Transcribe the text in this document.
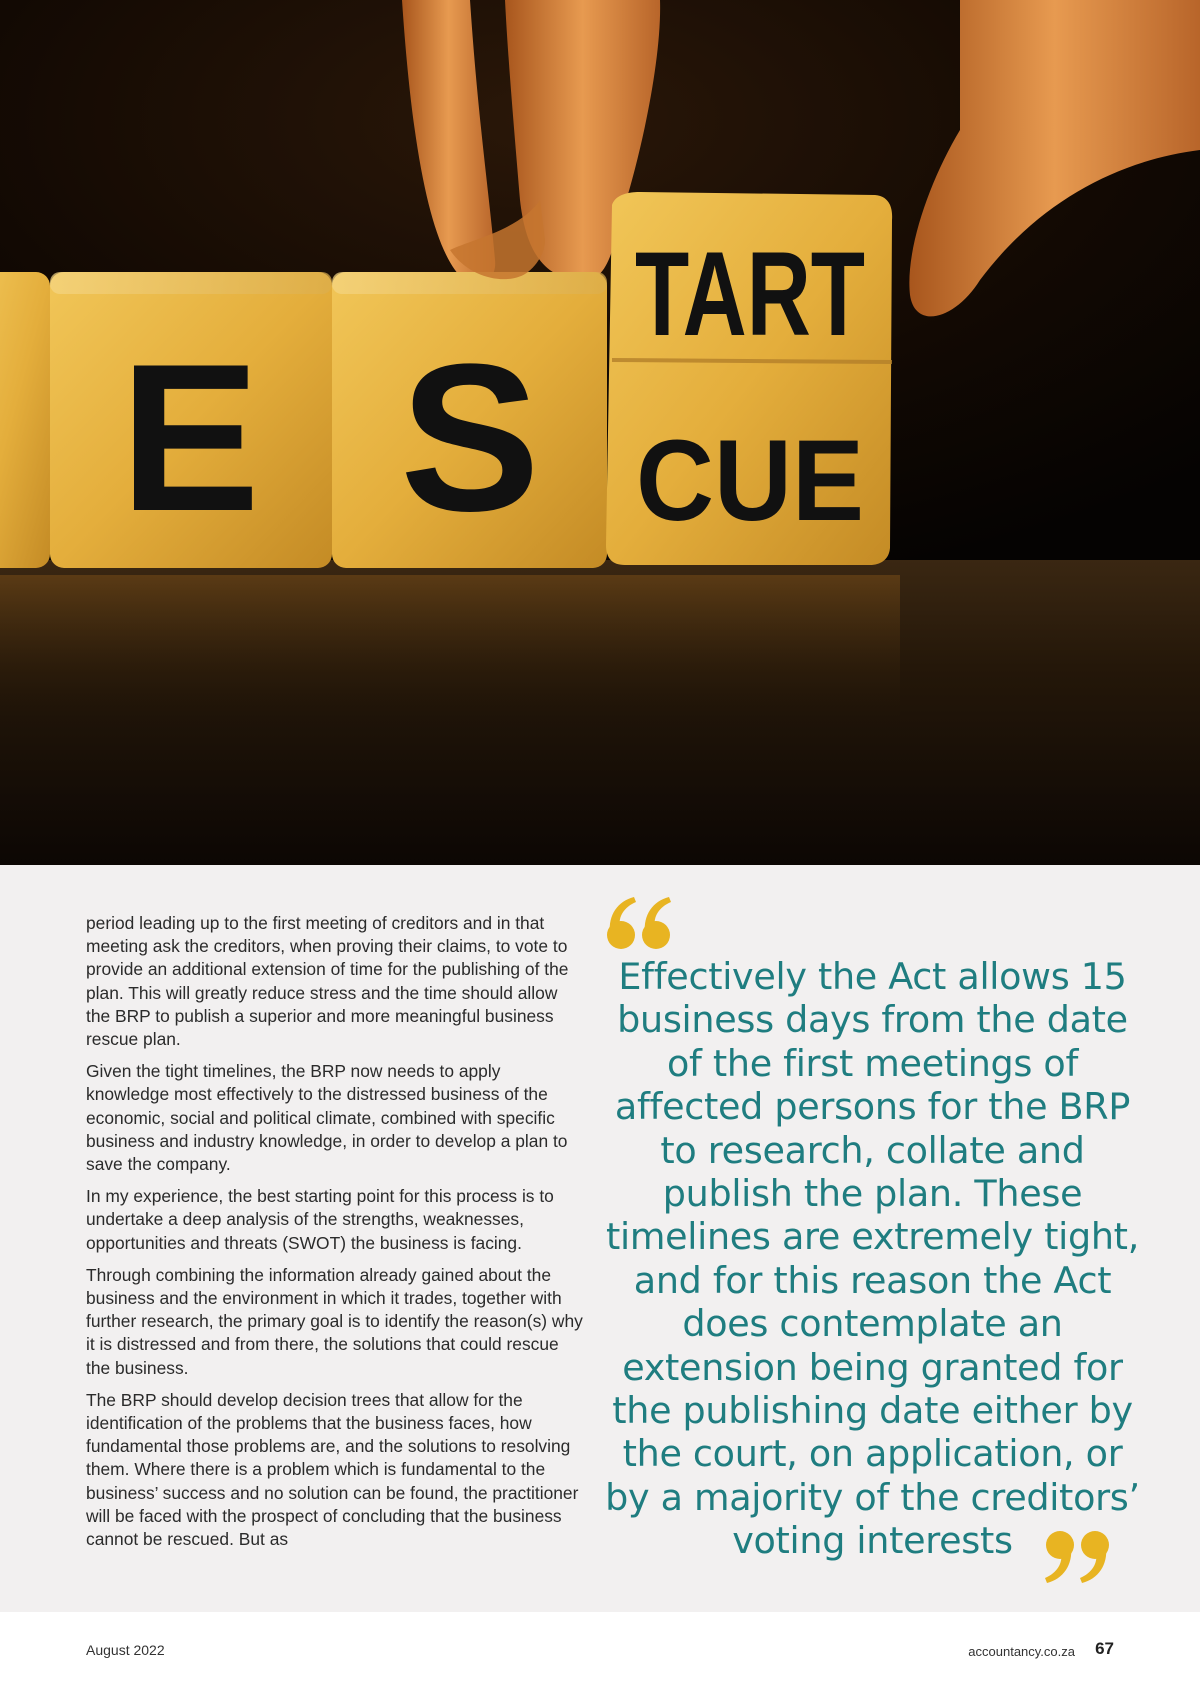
E S
TART
CUE

period leading up to the first meeting of creditors and in that meeting ask the creditors, when proving their claims, to vote to provide an additional extension of time for the publishing of the plan. This will greatly reduce stress and the time should allow the BRP to publish a superior and more meaningful business rescue plan.

Given the tight timelines, the BRP now needs to apply knowledge most effectively to the distressed business of the economic, social and political climate, combined with specific business and industry knowledge, in order to develop a plan to save the company.

In my experience, the best starting point for this process is to undertake a deep analysis of the strengths, weaknesses, opportunities and threats (SWOT) the business is facing.

Through combining the information already gained about the business and the environment in which it trades, together with further research, the primary goal is to identify the reason(s) why it is distressed and from there, the solutions that could rescue the business.

The BRP should develop decision trees that allow for the identification of the problems that the business faces, how fundamental those problems are, and the solutions to resolving them. Where there is a problem which is fundamental to the business’ success and no solution can be found, the practitioner will be faced with the prospect of concluding that the business cannot be rescued. But as

Effectively the Act allows 15 business days from the date of the first meetings of affected persons for the BRP to research, collate and publish the plan. These timelines are extremely tight, and for this reason the Act does contemplate an extension being granted for the publishing date either by the court, on application, or by a majority of the creditors’ voting interests
August 2022	accountancy.co.za 67
